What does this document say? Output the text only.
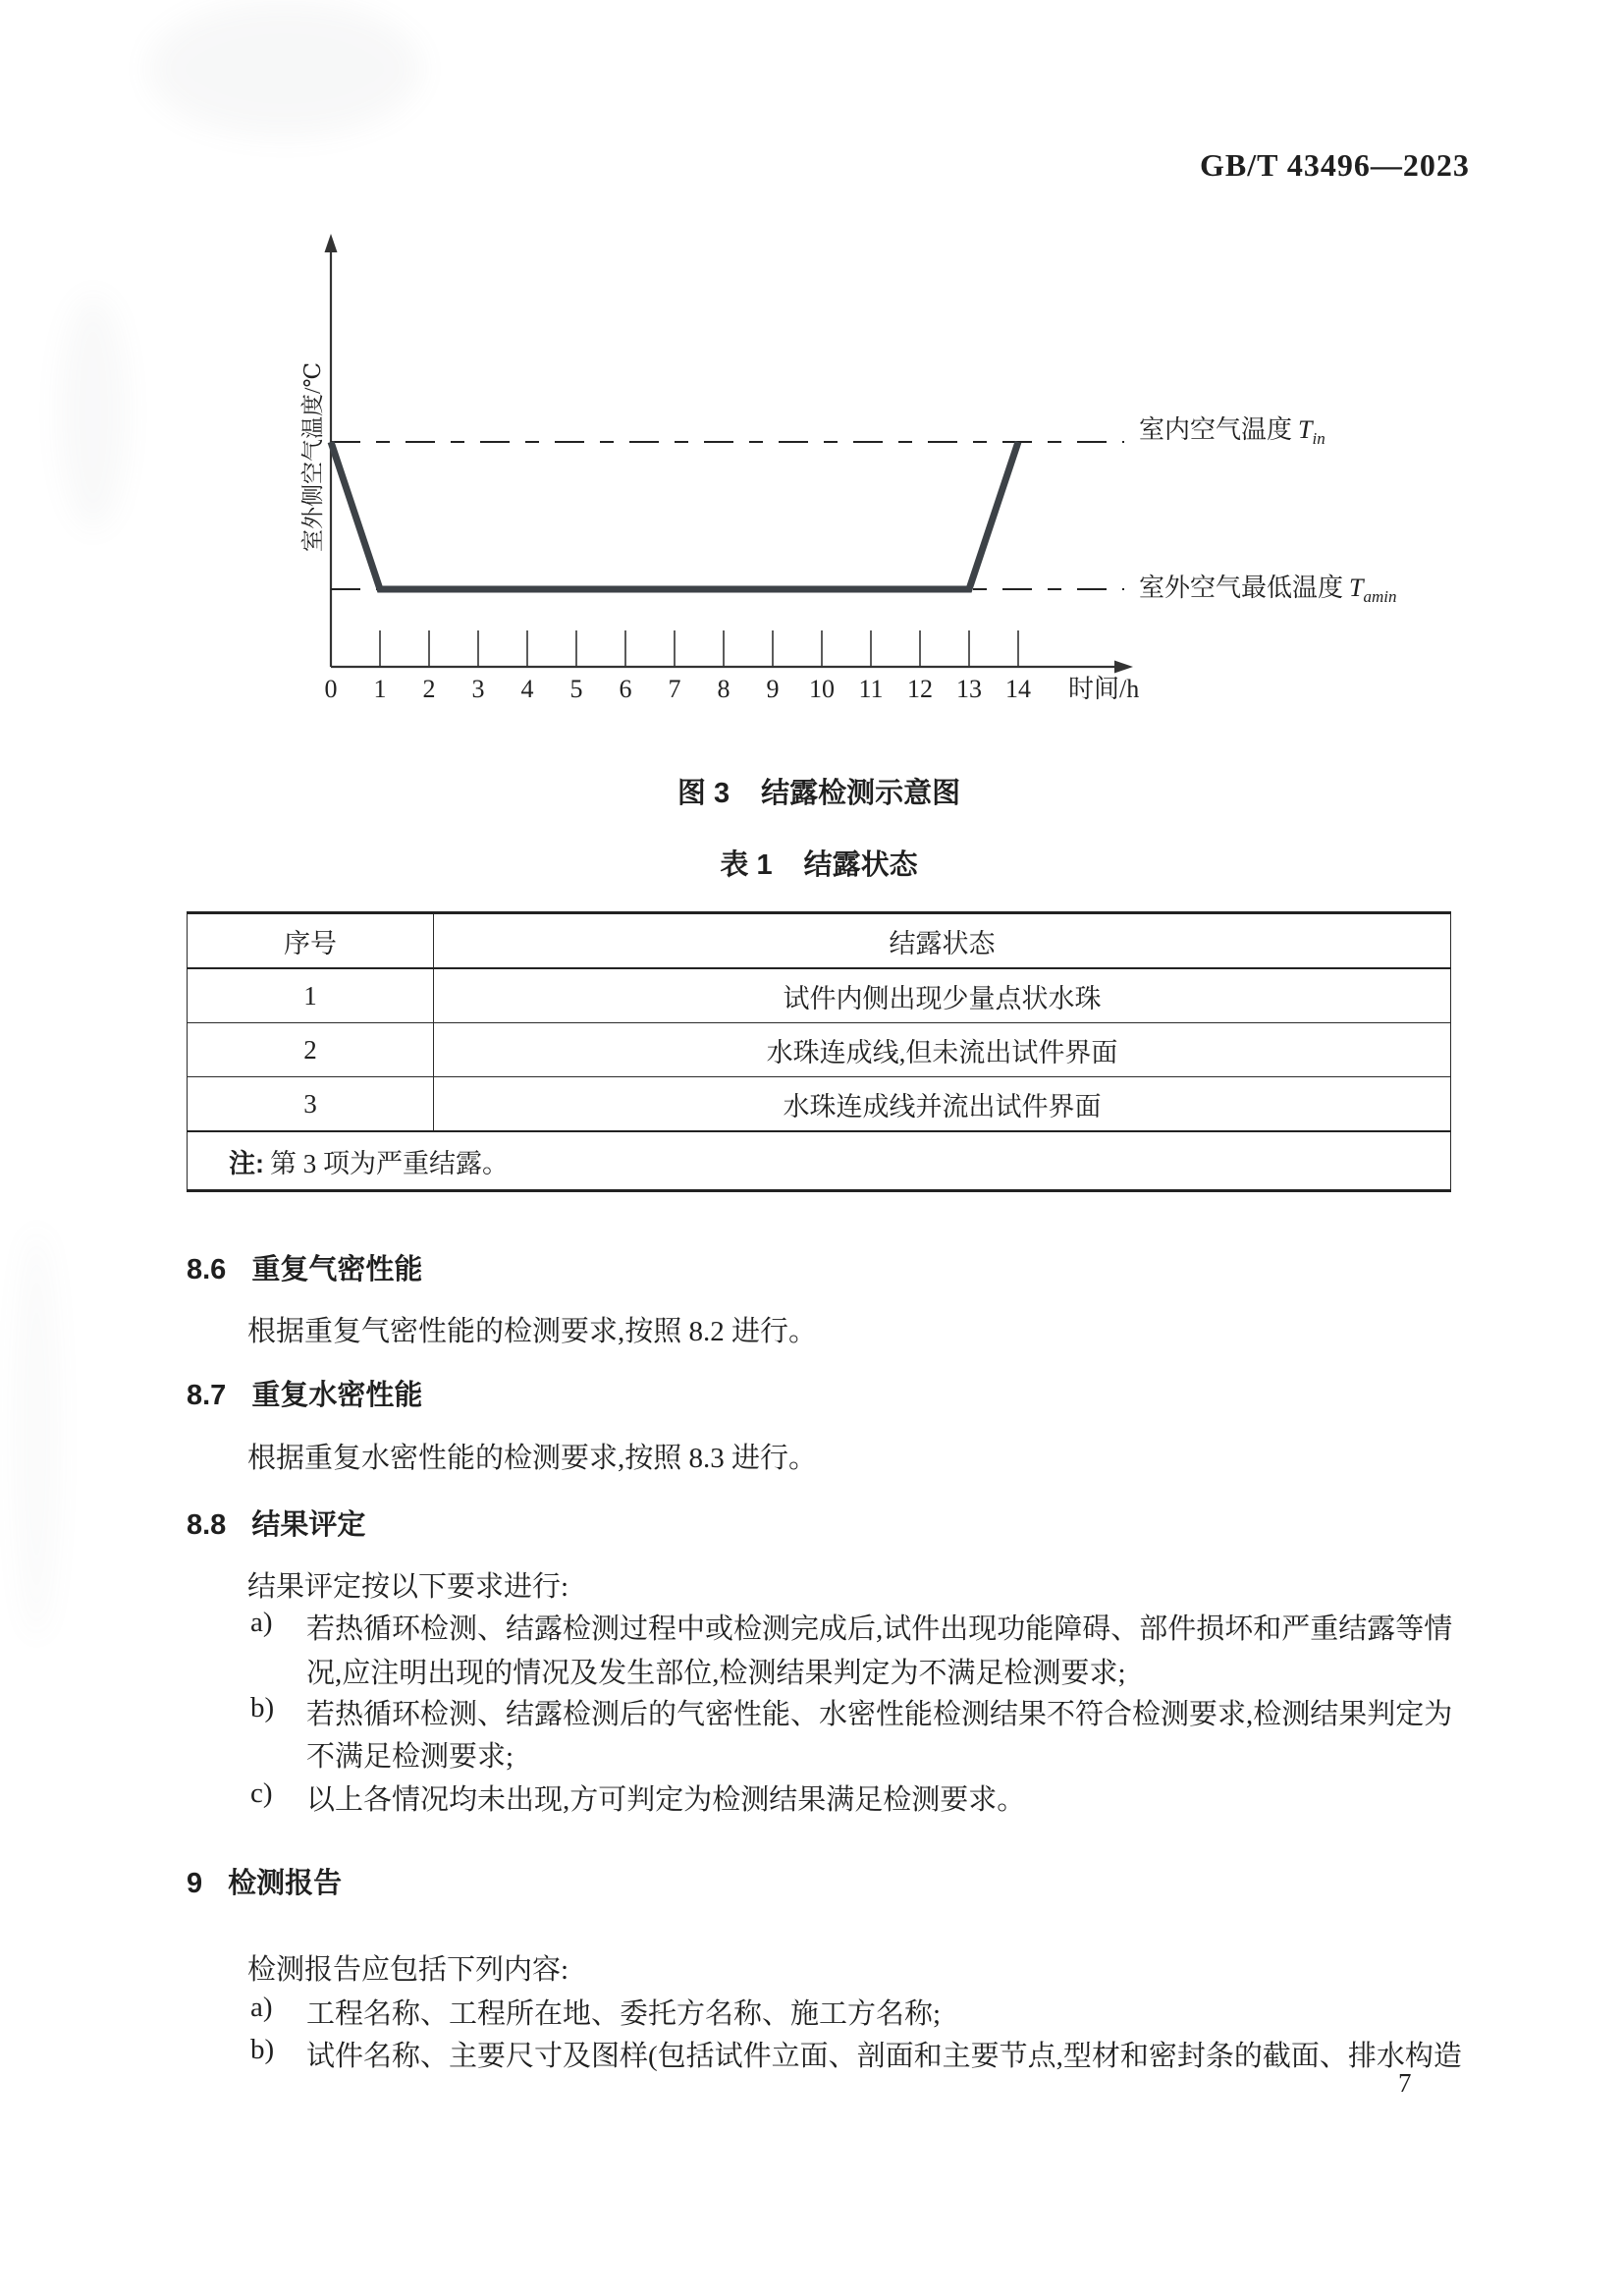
GB/T 43496—2023
0 1 2 3 4 5 6 7 8 9 10 11 12 13 14 时间/h
室外侧空气温度/℃	室内空气温度 $T_{in}$
室外空气最低温度 $T_{amin}$
图 3 结露检测示意图
表 1 结露状态
序号	结露状态
1	试件内侧出现少量点状水珠
2	水珠连成线,但未流出试件界面
3	水珠连成线并流出试件界面
注: 第 3 项为严重结露。	
8.6 重复气密性能
根据重复气密性能的检测要求,按照 8.2 进行。
8.7 重复水密性能
根据重复水密性能的检测要求,按照 8.3 进行。
8.8 结果评定
结果评定按以下要求进行:
a) 若热循环检测、结露检测过程中或检测完成后,试件出现功能障碍、部件损坏和严重结露等情
况,应注明出现的情况及发生部位,检测结果判定为不满足检测要求;
b) 若热循环检测、结露检测后的气密性能、水密性能检测结果不符合检测要求,检测结果判定为
不满足检测要求;
c) 以上各情况均未出现,方可判定为检测结果满足检测要求。
9 检测报告
检测报告应包括下列内容:
a) 工程名称、工程所在地、委托方名称、施工方名称;
b) 试件名称、主要尺寸及图样(包括试件立面、剖面和主要节点,型材和密封条的截面、排水构造
7
